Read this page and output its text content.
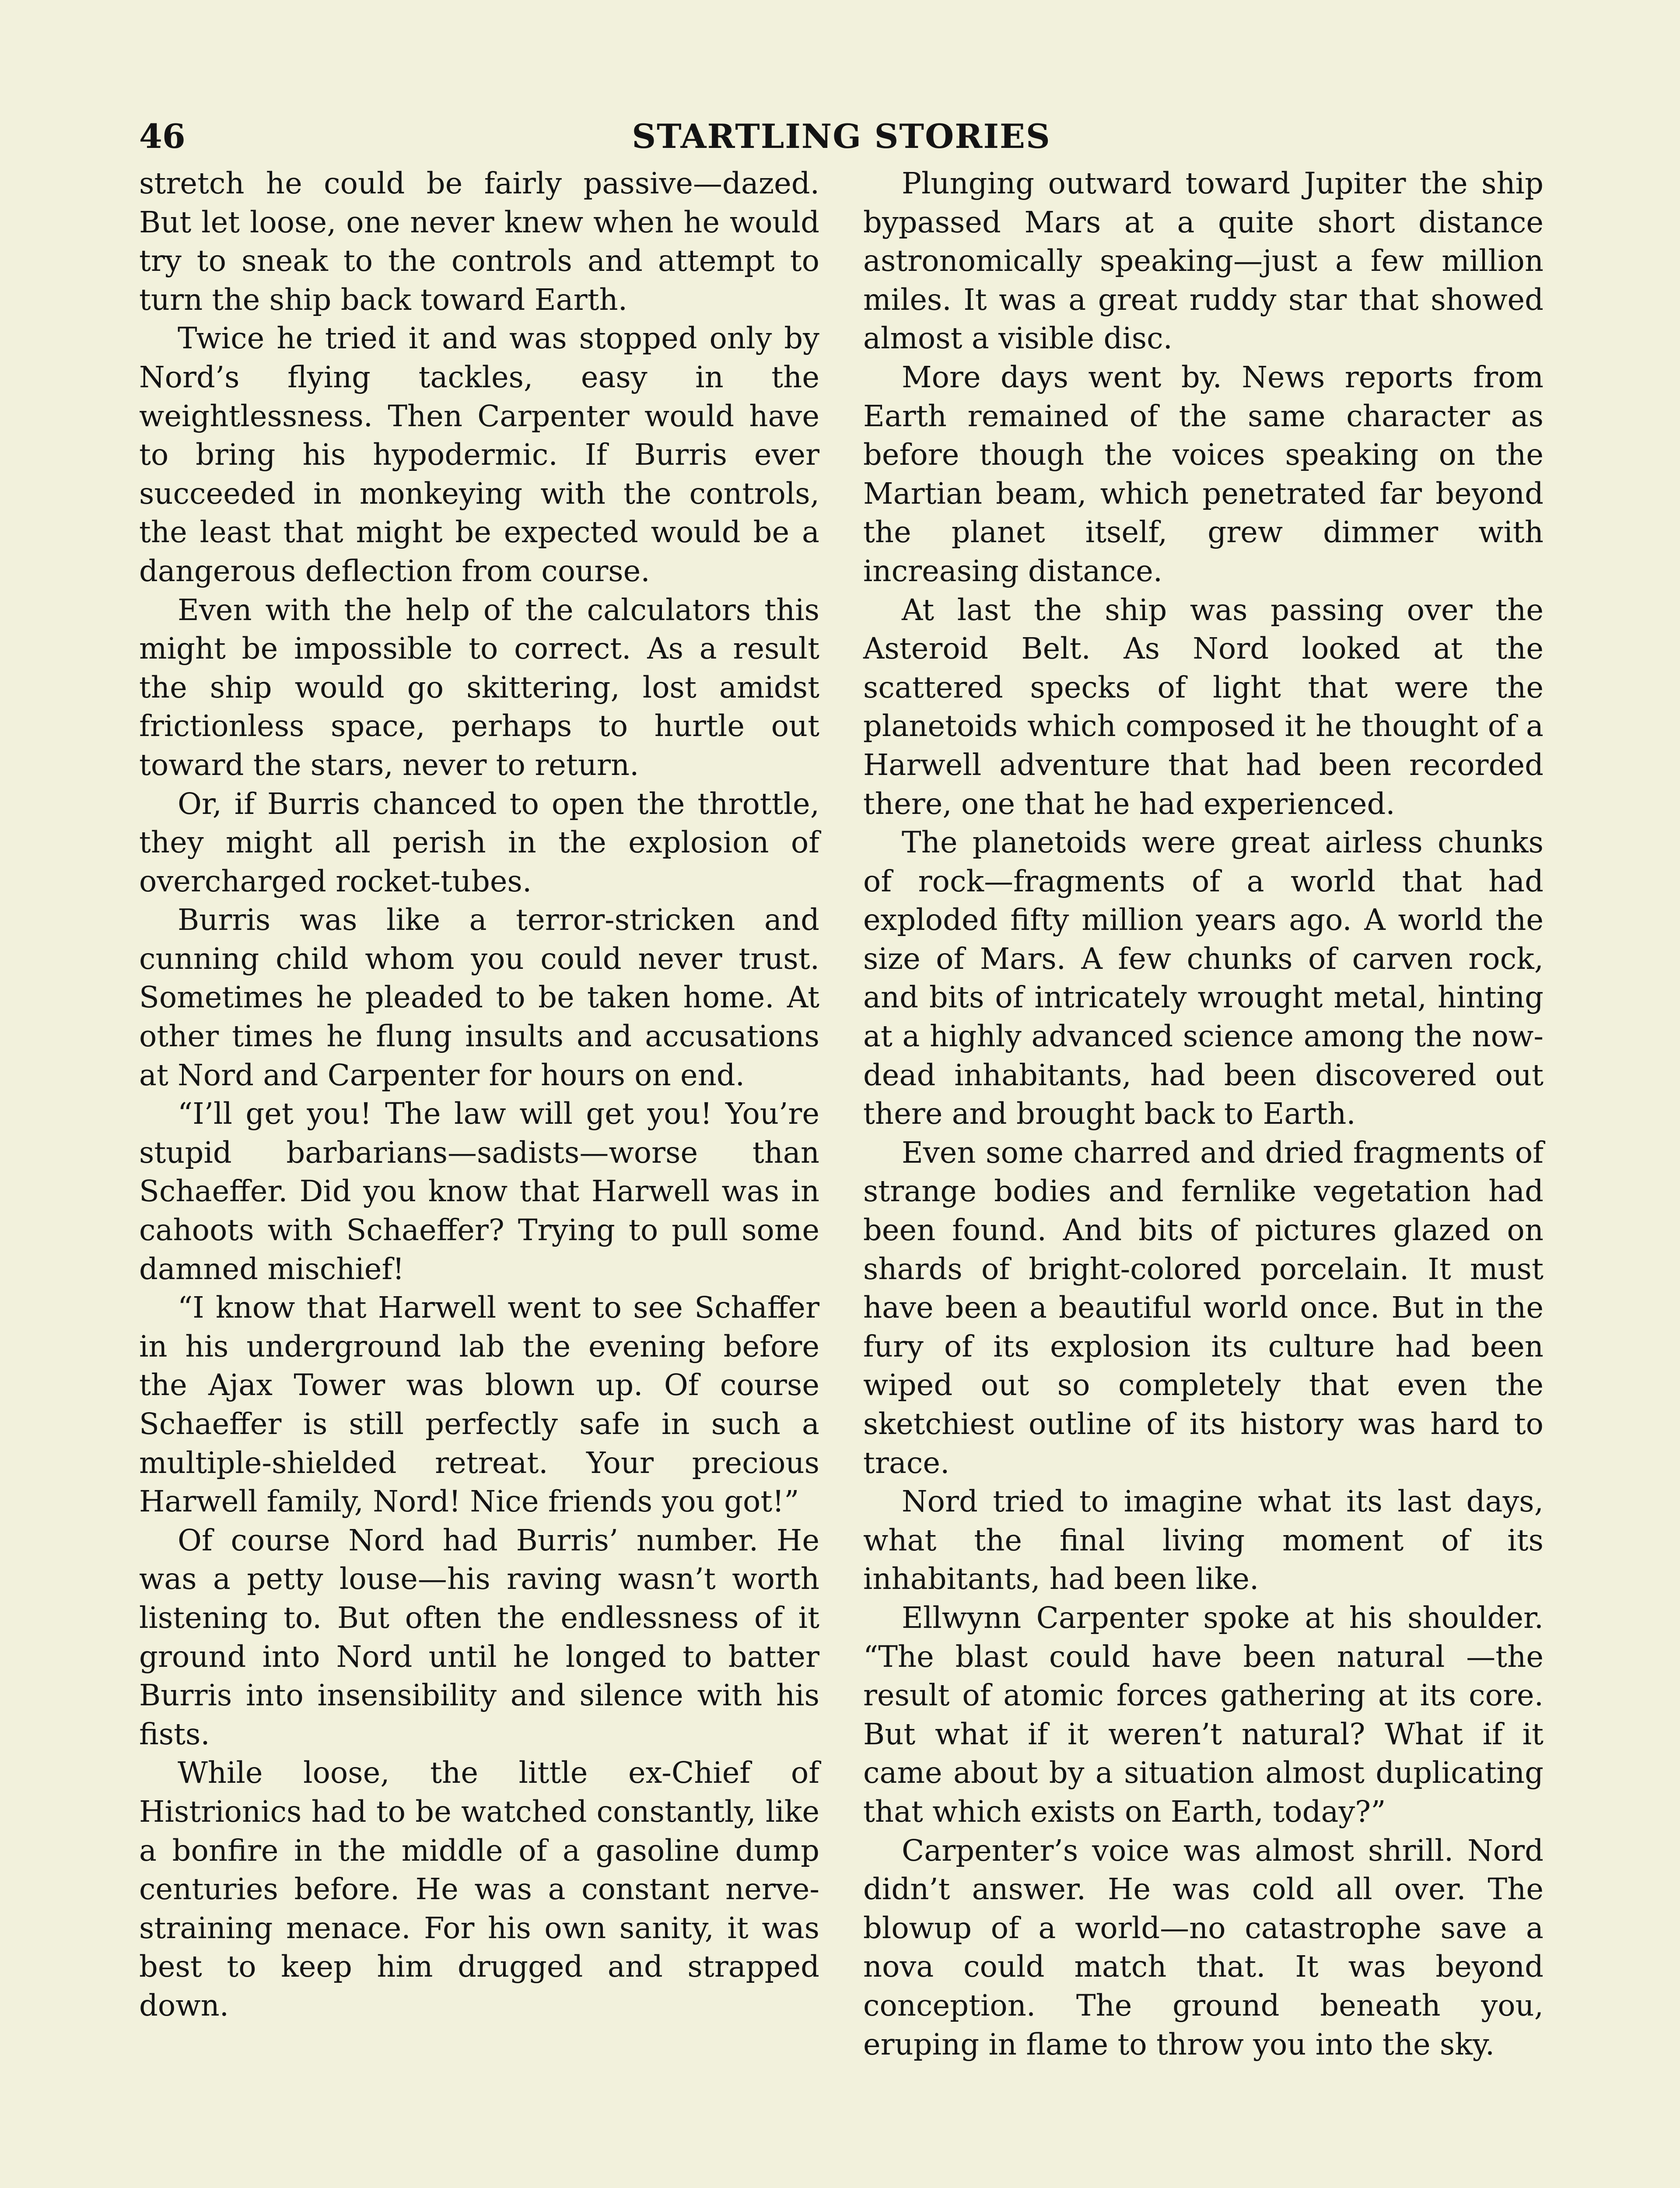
46	STARTLING STORIES

stretch he could be fairly passive—dazed. But let loose, one never knew when he would try to sneak to the controls and attempt to turn the ship back toward Earth.

Twice he tried it and was stopped only by Nord’s flying tackles, easy in the weightlessness. Then Carpenter would have to bring his hypodermic. If Burris ever succeeded in monkeying with the controls, the least that might be expected would be a dangerous deflection from course.

Even with the help of the calculators this might be impossible to correct. As a result the ship would go skittering, lost amidst frictionless space, perhaps to hurtle out toward the stars, never to return.

Or, if Burris chanced to open the throttle, they might all perish in the explosion of overcharged rocket-tubes.

Burris was like a terror-stricken and cunning child whom you could never trust. Sometimes he pleaded to be taken home. At other times he flung insults and accusations at Nord and Carpenter for hours on end.

“I’ll get you! The law will get you! You’re stupid barbarians—sadists—worse than Schaeffer. Did you know that Harwell was in cahoots with Schaeffer? Trying to pull some damned mischief!

“I know that Harwell went to see Schaffer in his underground lab the evening before the Ajax Tower was blown up. Of course Schaeffer is still perfectly safe in such a multiple-shielded retreat. Your precious Harwell family, Nord! Nice friends you got!”

Of course Nord had Burris’ number. He was a petty louse—his raving wasn’t worth listening to. But often the endlessness of it ground into Nord until he longed to batter Burris into insensibility and silence with his fists.

While loose, the little ex-Chief of Histrionics had to be watched constantly, like a bonfire in the middle of a gasoline dump centuries before. He was a constant nerve-straining menace. For his own sanity, it was best to keep him drugged and strapped down.

Plunging outward toward Jupiter the ship bypassed Mars at a quite short distance astronomically speaking—just a few million miles. It was a great ruddy star that showed almost a visible disc.

More days went by. News reports from Earth remained of the same character as before though the voices speaking on the Martian beam, which penetrated far beyond the planet itself, grew dimmer with increasing distance.

At last the ship was passing over the Asteroid Belt. As Nord looked at the scattered specks of light that were the planetoids which composed it he thought of a Harwell adventure that had been recorded there, one that he had experienced.

The planetoids were great airless chunks of rock—fragments of a world that had exploded fifty million years ago. A world the size of Mars. A few chunks of carven rock, and bits of intricately wrought metal, hinting at a highly advanced science among the now-dead inhabitants, had been discovered out there and brought back to Earth.

Even some charred and dried fragments of strange bodies and fernlike vegetation had been found. And bits of pictures glazed on shards of bright-colored porcelain. It must have been a beautiful world once. But in the fury of its explosion its culture had been wiped out so completely that even the sketchiest outline of its history was hard to trace.

Nord tried to imagine what its last days, what the final living moment of its inhabitants, had been like.

Ellwynn Carpenter spoke at his shoulder. “The blast could have been natural —the result of atomic forces gathering at its core. But what if it weren’t natural? What if it came about by a situation almost duplicating that which exists on Earth, today?”

Carpenter’s voice was almost shrill. Nord didn’t answer. He was cold all over. The blowup of a world—no catastrophe save a nova could match that. It was beyond conception. The ground beneath you, eruping in flame to throw you into the sky.
